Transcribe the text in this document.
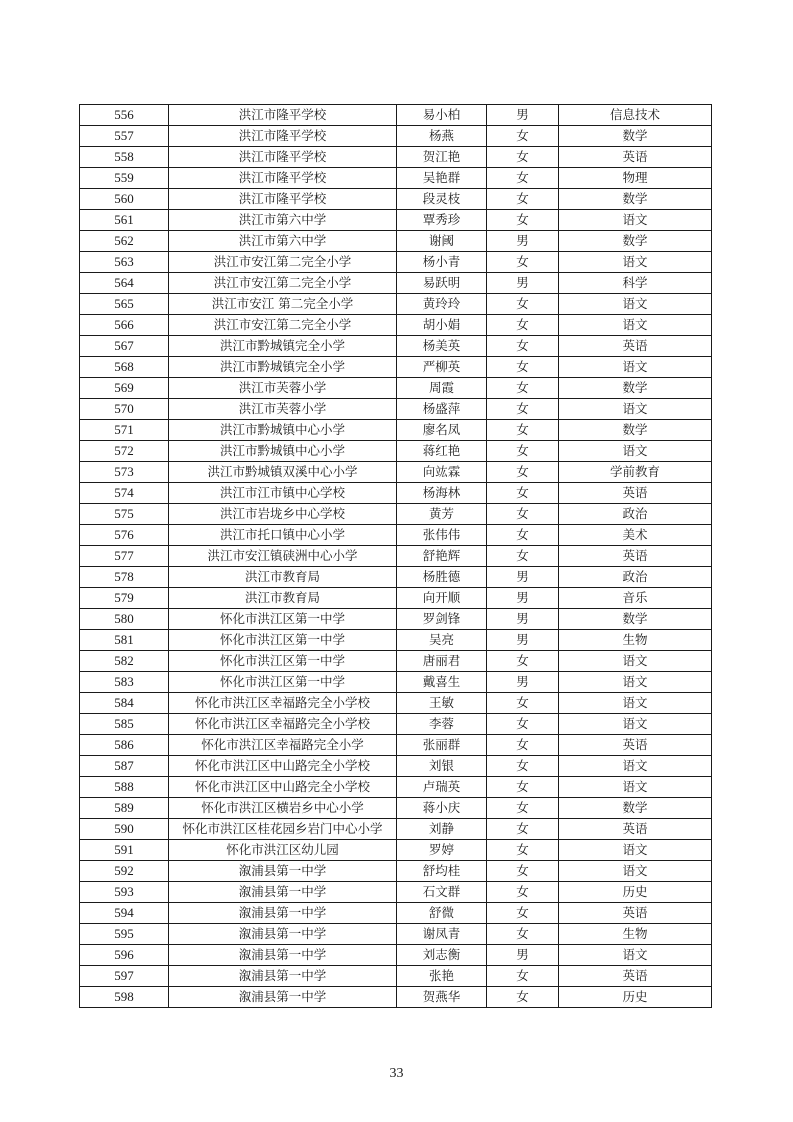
556	洪江市隆平学校	易小柏	男	信息技术
557	洪江市隆平学校	杨燕	女	数学
558	洪江市隆平学校	贺江艳	女	英语
559	洪江市隆平学校	吴艳群	女	物理
560	洪江市隆平学校	段灵枝	女	数学
561	洪江市第六中学	覃秀珍	女	语文
562	洪江市第六中学	谢阈	男	数学
563	洪江市安江第二完全小学	杨小青	女	语文
564	洪江市安江第二完全小学	易跃明	男	科学
565	洪江市安江 第二完全小学	黄玲玲	女	语文
566	洪江市安江第二完全小学	胡小娟	女	语文
567	洪江市黔城镇完全小学	杨美英	女	英语
568	洪江市黔城镇完全小学	严柳英	女	语文
569	洪江市芙蓉小学	周霞	女	数学
570	洪江市芙蓉小学	杨盛萍	女	语文
571	洪江市黔城镇中心小学	廖名凤	女	数学
572	洪江市黔城镇中心小学	蒋红艳	女	语文
573	洪江市黔城镇双溪中心小学	向竑霖	女	学前教育
574	洪江市江市镇中心学校	杨海林	女	英语
575	洪江市岩垅乡中心学校	黄芳	女	政治
576	洪江市托口镇中心小学	张伟伟	女	美术
577	洪江市安江镇硖洲中心小学	舒艳辉	女	英语
578	洪江市教育局	杨胜德	男	政治
579	洪江市教育局	向开顺	男	音乐
580	怀化市洪江区第一中学	罗剑锋	男	数学
581	怀化市洪江区第一中学	吴亮	男	生物
582	怀化市洪江区第一中学	唐丽君	女	语文
583	怀化市洪江区第一中学	戴喜生	男	语文
584	怀化市洪江区幸福路完全小学校	王敏	女	语文
585	怀化市洪江区幸福路完全小学校	李蓉	女	语文
586	怀化市洪江区幸福路完全小学	张丽群	女	英语
587	怀化市洪江区中山路完全小学校	刘银	女	语文
588	怀化市洪江区中山路完全小学校	卢瑞英	女	语文
589	怀化市洪江区横岩乡中心小学	蒋小庆	女	数学
590	怀化市洪江区桂花园乡岩门中心小学	刘静	女	英语
591	怀化市洪江区幼儿园	罗婷	女	语文
592	溆浦县第一中学	舒均桂	女	语文
593	溆浦县第一中学	石文群	女	历史
594	溆浦县第一中学	舒微	女	英语
595	溆浦县第一中学	谢凤青	女	生物
596	溆浦县第一中学	刘志衡	男	语文
597	溆浦县第一中学	张艳	女	英语
598	溆浦县第一中学	贺燕华	女	历史
33
